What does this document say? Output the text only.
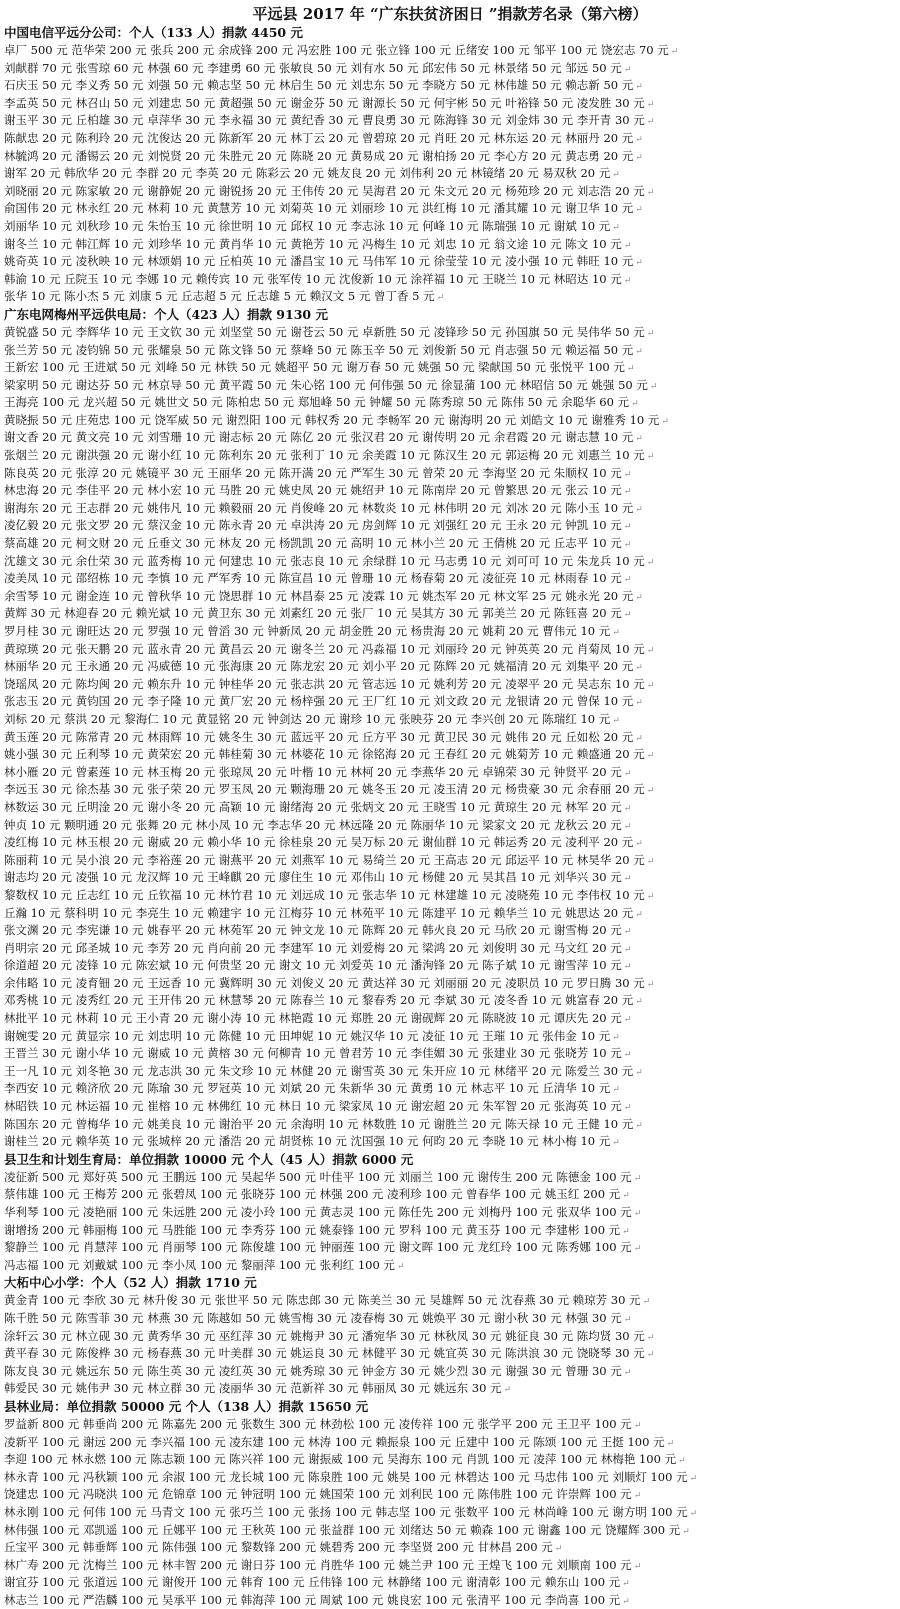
平远县 2017 年 “广东扶贫济困日 ”捐款芳名录（第六榜）
中国电信平远分公司：个人（133 人）捐款 4450 元
卓厂 500 元 范华荣 200 元 张兵 200 元 余成锋 200 元 冯宏胜 100 元 张立锋 100 元 丘绪安 100 元 邹平 100 元 饶宏志 70 元 ↵
刘献群 70 元 张雪琼 60 元 林强 60 元 李建勇 60 元 张敏良 50 元 刘有水 50 元 邱宏伟 50 元 林景绪 50 元 邹远 50 元 ↵
石庆玉 50 元 李义秀 50 元 刘强 50 元 赖志坚 50 元 林启生 50 元 刘忠东 50 元 李晓方 50 元 林伟雄 50 元 赖志新 50 元 ↵
李孟英 50 元 林召山 50 元 刘建忠 50 元 黄超强 50 元 谢金芬 50 元 谢源长 50 元 何宇彬 50 元 叶裕锋 50 元 凌发胜 30 元 ↵
谢玉平 30 元 丘柏雄 30 元 卓萍华 30 元 李永福 30 元 黄纪香 30 元 曹良勇 30 元 陈海锋 30 元 刘金炜 30 元 李开青 30 元 ↵
陈献忠 20 元 陈利玲 20 元 沈俊达 20 元 陈新军 20 元 林丁云 20 元 曾碧琼 20 元 肖旺 20 元 林东运 20 元 林丽丹 20 元 ↵
林毓鸿 20 元 潘锡云 20 元 刘悦贤 20 元 朱胜元 20 元 陈晓 20 元 黄易成 20 元 谢柏扬 20 元 李心方 20 元 黄志勇 20 元 ↵
谢军 20 元 韩欣华 20 元 李群 20 元 李英 20 元 陈彩云 20 元 姚友良 20 元 刘伟利 20 元 林镜绪 20 元 易双秋 20 元 ↵
刘晓丽 20 元 陈家敏 20 元 谢静妮 20 元 谢锐扬 20 元 王伟传 20 元 吴海君 20 元 朱文元 20 元 杨苑珍 20 元 刘志浩 20 元 ↵
俞国伟 20 元 林永红 20 元 林莉 10 元 黄慧芳 10 元 刘菊英 10 元 刘丽珍 10 元 洪红梅 10 元 潘其耀 10 元 谢卫华 10 元 ↵
刘丽华 10 元 刘秋珍 10 元 朱怡玉 10 元 徐世明 10 元 邱权 10 元 李志泳 10 元 何峰 10 元 陈瑞强 10 元 谢斌 10 元 ↵
谢冬兰 10 元 韩江辉 10 元 刘珍华 10 元 黄肖华 10 元 黄艳芳 10 元 冯梅生 10 元 刘忠 10 元 翁文途 10 元 陈文 10 元 ↵
姚奇英 10 元 凌秋映 10 元 林颂娟 10 元 丘柏英 10 元 潘昌宝 10 元 马伟军 10 元 徐莹莹 10 元 凌小强 10 元 韩旺 10 元 ↵
韩渝 10 元 丘院玉 10 元 李娜 10 元 赖传宾 10 元 张军传 10 元 沈俊新 10 元 涂祥福 10 元 王晓兰 10 元 林昭达 10 元 ↵
张华 10 元 陈小杰 5 元 刘康 5 元 丘志超 5 元 丘志雄 5 元 赖汉文 5 元 曾丁香 5 元 ↵
广东电网梅州平远供电局：个人（423 人）捐款 9130 元
黄锐盛 50 元 李辉华 10 元 王文钦 30 元 刘坚堂 50 元 谢苍云 50 元 卓新胜 50 元 凌锋珍 50 元 孙国旗 50 元 吴伟华 50 元 ↵
张兰芳 50 元 凌钧锦 50 元 张耀泉 50 元 陈文锋 50 元 蔡峰 50 元 陈玉辛 50 元 刘俊新 50 元 肖志强 50 元 赖运福 50 元 ↵
王新宏 100 元 王进斌 50 元 刘峰 50 元 林铁 50 元 姚超平 50 元 谢万春 50 元 姚强 50 元 梁献国 50 元 张悦平 100 元 ↵
梁家明 50 元 谢达芬 50 元 林京导 50 元 黄平霞 50 元 朱心铭 100 元 何伟强 50 元 徐显蒲 100 元 林昭信 50 元 姚强 50 元 ↵
王海亮 100 元 龙兴超 50 元 姚世文 50 元 陈柏忠 50 元 郑旭峰 50 元 钟耀 50 元 陈秀琼 50 元 陈伟 50 元 余聪华 60 元 ↵
黄晓振 50 元 庄苑忠 100 元 饶军威 50 元 谢烈阳 100 元 韩权秀 20 元 李畅军 20 元 谢海明 20 元 刘皓文 10 元 谢雅秀 10 元 ↵
谢文香 20 元 黄文亮 10 元 刘雪珊 10 元 谢志标 20 元 陈亿 20 元 张汉君 20 元 谢传明 20 元 余君霞 20 元 谢志慧 10 元 ↵
张烟兰 20 元 谢洪强 20 元 谢小红 10 元 陈利东 20 元 张利丁 10 元 余美霞 10 元 陈汉生 20 元 郭运梅 20 元 刘惠兰 10 元 ↵
陈良英 20 元 张淳 20 元 姚镜平 30 元 王丽华 20 元 陈开满 20 元 严军生 30 元 曾荣 20 元 李海坚 20 元 朱顺权 10 元 ↵
林忠海 20 元 李佳平 20 元 林小宏 10 元 马胜 20 元 姚史凤 20 元 姚绍尹 10 元 陈南岸 20 元 曾繁思 20 元 张云 10 元 ↵
谢海东 20 元 王志群 20 元 姚伟凡 10 元 赖毅丽 20 元 肖俊峰 20 元 林数炎 10 元 林伟明 20 元 刘冰 20 元 陈小玉 10 元 ↵
凌亿毅 20 元 张文罗 20 元 蔡汉金 10 元 陈永青 20 元 卓洪涛 20 元 房剑辉 10 元 刘强红 20 元 王永 20 元 钟凯 10 元 ↵
蔡高雄 20 元 柯文财 20 元 丘垂文 30 元 林友 20 元 杨凯凯 20 元 高明 10 元 林小兰 20 元 王倩桃 20 元 丘志平 10 元 ↵
沈雄文 30 元 余仕荣 30 元 蓝秀梅 10 元 何建忠 10 元 张志良 10 元 余绿群 10 元 马志勇 10 元 刘可可 10 元 朱龙兵 10 元 ↵
凌美凤 10 元 邵绍栋 10 元 李慎 10 元 严军秀 10 元 陈宣昌 10 元 曾珊 10 元 杨春菊 20 元 凌征亮 10 元 林雨春 10 元 ↵
余雪琴 10 元 谢金连 10 元 曾秋华 10 元 饶思群 10 元 林昌泰 25 元 凌霖 10 元 姚杰军 20 元 林文军 25 元 姚永光 20 元 ↵
黄辉 30 元 林迎春 20 元 赖光斌 10 元 黄卫东 30 元 刘素红 20 元 张厂 10 元 吴其方 30 元 郭美兰 20 元 陈钰喜 20 元 ↵
罗月桂 30 元 谢旺达 20 元 罗强 10 元 曾滔 30 元 钟新凤 20 元 胡金胜 20 元 杨贵海 20 元 姚莉 20 元 曹伟元 10 元 ↵
黄琼瑛 20 元 张天鹏 20 元 蓝永青 20 元 黄昌云 20 元 谢冬兰 20 元 冯淼福 10 元 刘丽玲 20 元 钟英英 20 元 肖菊凤 10 元 ↵
林丽华 20 元 王永通 20 元 冯威德 10 元 张海康 20 元 陈龙宏 20 元 刘小平 20 元 陈辉 20 元 姚福清 20 元 刘集平 20 元 ↵
饶瑶凤 20 元 陈均闽 20 元 赖东升 10 元 钟桂华 20 元 张志洪 20 元 管志远 10 元 姚利芳 20 元 凌翠平 20 元 吴志东 10 元 ↵
张志玉 20 元 黄钧国 20 元 李子隆 10 元 黄厂宏 20 元 杨梓强 20 元 王厂红 10 元 刘文政 20 元 龙银请 20 元 曾保 10 元 ↵
刘标 20 元 蔡洪 20 元 黎海仁 10 元 黄显铭 20 元 钟剑达 20 元 谢珍 10 元 张映芬 20 元 李兴创 20 元 陈瑞红 10 元 ↵
黄玉莲 20 元 陈常青 20 元 林雨辉 10 元 姚冬生 30 元 蓝远平 20 元 丘方平 30 元 黄卫民 30 元 姚伟 20 元 丘如松 20 元 ↵
姚小强 30 元 丘利琴 10 元 黄荣宏 20 元 韩桂菊 30 元 林婆花 10 元 徐铭海 20 元 王春红 20 元 姚菊芳 10 元 赖盛通 20 元 ↵
林小雁 20 元 曾素莲 10 元 林玉梅 20 元 张琼凤 20 元 叶楷 10 元 林柯 20 元 李燕华 20 元 卓锦荣 30 元 钟贤平 20 元 ↵
李远玉 30 元 徐杰基 30 元 张子荣 20 元 罗玉凤 20 元 颗海珊 20 元 姚冬玉 20 元 凌玉清 20 元 杨贵豪 30 元 余春丽 20 元 ↵
林数运 30 元 丘明淦 20 元 谢小冬 20 元 高颖 10 元 谢绪海 20 元 张炳文 20 元 王晓雪 10 元 黄琼生 20 元 林军 20 元 ↵
钟贞 10 元 颗明通 20 元 张舞 20 元 林小凤 10 元 李志华 20 元 林远隆 20 元 陈丽华 10 元 梁家文 20 元 龙秋云 20 元 ↵
凌红梅 10 元 林玉根 20 元 谢威 20 元 赖小华 10 元 徐桂泉 20 元 吴万标 20 元 谢仙群 10 元 韩运秀 20 元 凌利平 20 元 ↵
陈丽莉 10 元 吴小浪 20 元 李裕莲 20 元 谢燕平 20 元 刘燕军 10 元 易绮兰 20 元 王高志 20 元 邱运平 10 元 林昊华 20 元 ↵
谢志均 20 元 凌强 10 元 龙汉辉 10 元 王峰麒 20 元 廖住生 10 元 邓伟山 10 元 杨健 20 元 吴其昌 10 元 刘华兴 30 元 ↵
黎数权 10 元 丘志红 10 元 丘钦福 10 元 林竹君 10 元 刘远成 10 元 张志华 10 元 林建雄 10 元 凌晓苑 10 元 李伟权 10 元 ↵
丘瀚 10 元 蔡科明 10 元 李亮生 10 元 赖建宇 10 元 江梅芬 10 元 林苑平 10 元 陈建平 10 元 赖华兰 10 元 姚思达 20 元 ↵
张文渊 20 元 李宪谦 10 元 姚春平 20 元 林苑军 20 元 钟文龙 10 元 陈辉 20 元 韩火良 20 元 马欣 20 元 谢雪梅 20 元 ↵
肖明宗 20 元 邱圣城 10 元 李芳 20 元 肖向前 20 元 李建军 10 元 刘爱梅 20 元 梁鸿 20 元 刘俊明 30 元 马文红 20 元 ↵
徐道超 20 元 凌锋 10 元 陈宏斌 10 元 何贵坚 20 元 谢文 10 元 刘爱英 10 元 潘洵锋 20 元 陈子斌 10 元 谢雪萍 10 元 ↵
余伟略 10 元 凌育钿 20 元 王远香 10 元 冀辉明 30 元 刘俊义 20 元 黄达祥 30 元 刘丽丽 20 元 凌职员 10 元 罗日腾 30 元 ↵
邓秀桃 10 元 凌秀红 20 元 王开伟 20 元 林慧琴 20 元 陈春兰 10 元 黎春秀 20 元 李斌 30 元 凌冬香 10 元 姚富春 20 元 ↵
林批平 10 元 林莉 10 元 王小青 20 元 谢小涛 10 元 林艳霞 10 元 郑胜 20 元 谢砚辉 20 元 陈晓波 10 元 谭庆先 20 元 ↵
谢婉雯 20 元 黄显宗 10 元 刘忠明 10 元 陈健 10 元 田坤妮 10 元 姚汉华 10 元 凌征 10 元 王璀 10 元 张伟金 10 元 ↵
王晋兰 30 元 谢小华 10 元 谢威 10 元 黄榕 30 元 何柳青 10 元 曾君芳 10 元 李佳媚 30 元 张建业 30 元 张晓芳 10 元 ↵
王一凡 10 元 刘冬艳 30 元 龙志洪 30 元 朱文珍 10 元 林健 20 元 谢雪英 30 元 朱开应 10 元 林绪平 20 元 陈爱兰 30 元 ↵
李西安 10 元 赖济欣 20 元 陈瑜 30 元 罗冠英 10 元 刘斌 20 元 朱新华 30 元 黄勇 10 元 林志平 10 元 丘清华 10 元 ↵
林昭铁 10 元 林运福 10 元 崔榕 10 元 林佛红 10 元 林日 10 元 梁家凤 10 元 谢宏超 20 元 朱军智 20 元 张海英 10 元 ↵
陈国东 20 元 曾梅华 10 元 姚美良 10 元 谢治平 20 元 余海明 10 元 林数胜 10 元 谢胜兰 20 元 陈天禄 10 元 王健 10 元 ↵
谢桂兰 20 元 赖华英 10 元 张城梓 20 元 潘浩 20 元 胡贤栋 10 元 沈国强 10 元 何昀 20 元 李晓 10 元 林小梅 10 元 ↵
县卫生和计划生育局：单位捐款 10000 元 个人（45 人）捐款 6000 元
凌征新 500 元 郑好英 500 元 王鹏远 100 元 吴起华 500 元 叶佳平 100 元 刘丽兰 100 元 谢传生 200 元 陈德金 100 元 ↵
蔡伟雄 100 元 王梅芳 200 元 张碧凤 100 元 张晓芬 100 元 林强 200 元 凌利珍 100 元 曾春华 100 元 姚玉红 200 元 ↵
华利琴 100 元 凌艳丽 100 元 朱远胜 200 元 凌小玲 100 元 黄志灵 100 元 陈任先 200 元 刘梅丹 100 元 张双华 100 元 ↵
谢增扬 200 元 韩丽梅 100 元 马胜能 100 元 李秀芬 100 元 姚泰锋 100 元 罗科 100 元 黄玉芬 100 元 李建彬 100 元 ↵
黎静兰 100 元 肖慧萍 100 元 肖丽琴 100 元 陈俊雄 100 元 钟丽莲 100 元 谢文晖 100 元 龙红玲 100 元 陈秀娜 100 元 ↵
冯志福 100 元 刘戴斌 100 元 李小凤 100 元 黎丽萍 100 元 张利红 100 元 ↵
大柘中心小学：个人（52 人）捐款 1710 元
黄金青 100 元 李欣 30 元 林升俊 30 元 张世平 50 元 陈忠郎 30 元 陈美兰 30 元 吴雄辉 50 元 沈春燕 30 元 赖琼芳 30 元 ↵
陈千胜 50 元 陈雪菲 30 元 林燕 30 元 陈越如 50 元 姚雪梅 30 元 凌春梅 30 元 姚焕平 30 元 谢小秋 30 元 林强 30 元 ↵
涂轩云 30 元 林立砚 30 元 黄秀华 30 元 巫红萍 30 元 姚梅尹 30 元 潘宛华 30 元 林秋凤 30 元 姚征良 30 元 陈均贤 30 元 ↵
黄平春 30 元 陈俊桦 30 元 杨春燕 30 元 叶美群 30 元 姚运良 30 元 林健平 30 元 姚宜英 30 元 陈洪浪 30 元 饶晓琴 30 元 ↵
陈友良 30 元 姚远东 50 元 陈生英 30 元 凌红英 30 元 姚秀琼 30 元 钟金方 30 元 姚少烈 30 元 谢强 30 元 曾珊 30 元 ↵
韩爱民 30 元 姚伟尹 30 元 林立群 30 元 凌丽华 30 元 范新祥 30 元 韩丽凤 30 元 姚远东 30 元 ↵
县林业局：单位捐款 50000 元 个人（138 人）捐款 15650 元
罗益新 800 元 韩垂尚 200 元 陈嘉先 200 元 张数生 300 元 林劲松 100 元 凌传祥 100 元 张学平 200 元 王卫平 100 元 ↵
凌新平 100 元 谢远 200 元 李兴福 100 元 凌东建 100 元 林涛 100 元 赖振泉 100 元 丘建中 100 元 陈颂 100 元 王挺 100 元 ↵
李迎 100 元 林永燃 100 元 陈志颖 100 元 陈兴祥 100 元 谢振威 100 元 吴海东 100 元 肖凯 100 元 凌萍 100 元 林梅艳 100 元 ↵
林永青 100 元 冯秋颖 100 元 余淑 100 元 龙长城 100 元 陈泉胜 100 元 姚昊 100 元 林碧达 100 元 马忠伟 100 元 刘顺灯 100 元 ↵
饶建忠 100 元 冯晓洪 100 元 危锦章 100 元 钟冠明 100 元 姚国荣 100 元 刘利民 100 元 陈伟胜 100 元 许崇辉 100 元 ↵
林永刚 100 元 何伟 100 元 马青文 100 元 张巧兰 100 元 张扬 100 元 韩志坚 100 元 张数平 100 元 林尚峰 100 元 谢方明 100 元 ↵
林伟强 100 元 邓凯遥 100 元 丘娜平 100 元 王秋英 100 元 张益群 100 元 刘绪达 50 元 赖森 100 元 谢鑫 100 元 饶耀辉 300 元 ↵
丘宝平 300 元 韩垂辉 100 元 陈伟强 100 元 黎数锋 200 元 姚碧秀 200 元 李坚贤 200 元 甘林昌 200 元 ↵
林广寿 200 元 沈梅兰 100 元 林丰智 200 元 谢日芬 100 元 肖胜华 100 元 姚兰尹 100 元 王煌飞 100 元 刘顺南 100 元 ↵
谢宜芬 100 元 张道远 100 元 谢俊开 100 元 韩育 100 元 丘伟锋 100 元 林静绪 100 元 谢清彰 100 元 赖东山 100 元 ↵
林志兰 100 元 严浩麟 100 元 吴承平 100 元 韩海萍 100 元 周斌 100 元 姚良宏 100 元 张清平 100 元 李尚喜 100 元 ↵
